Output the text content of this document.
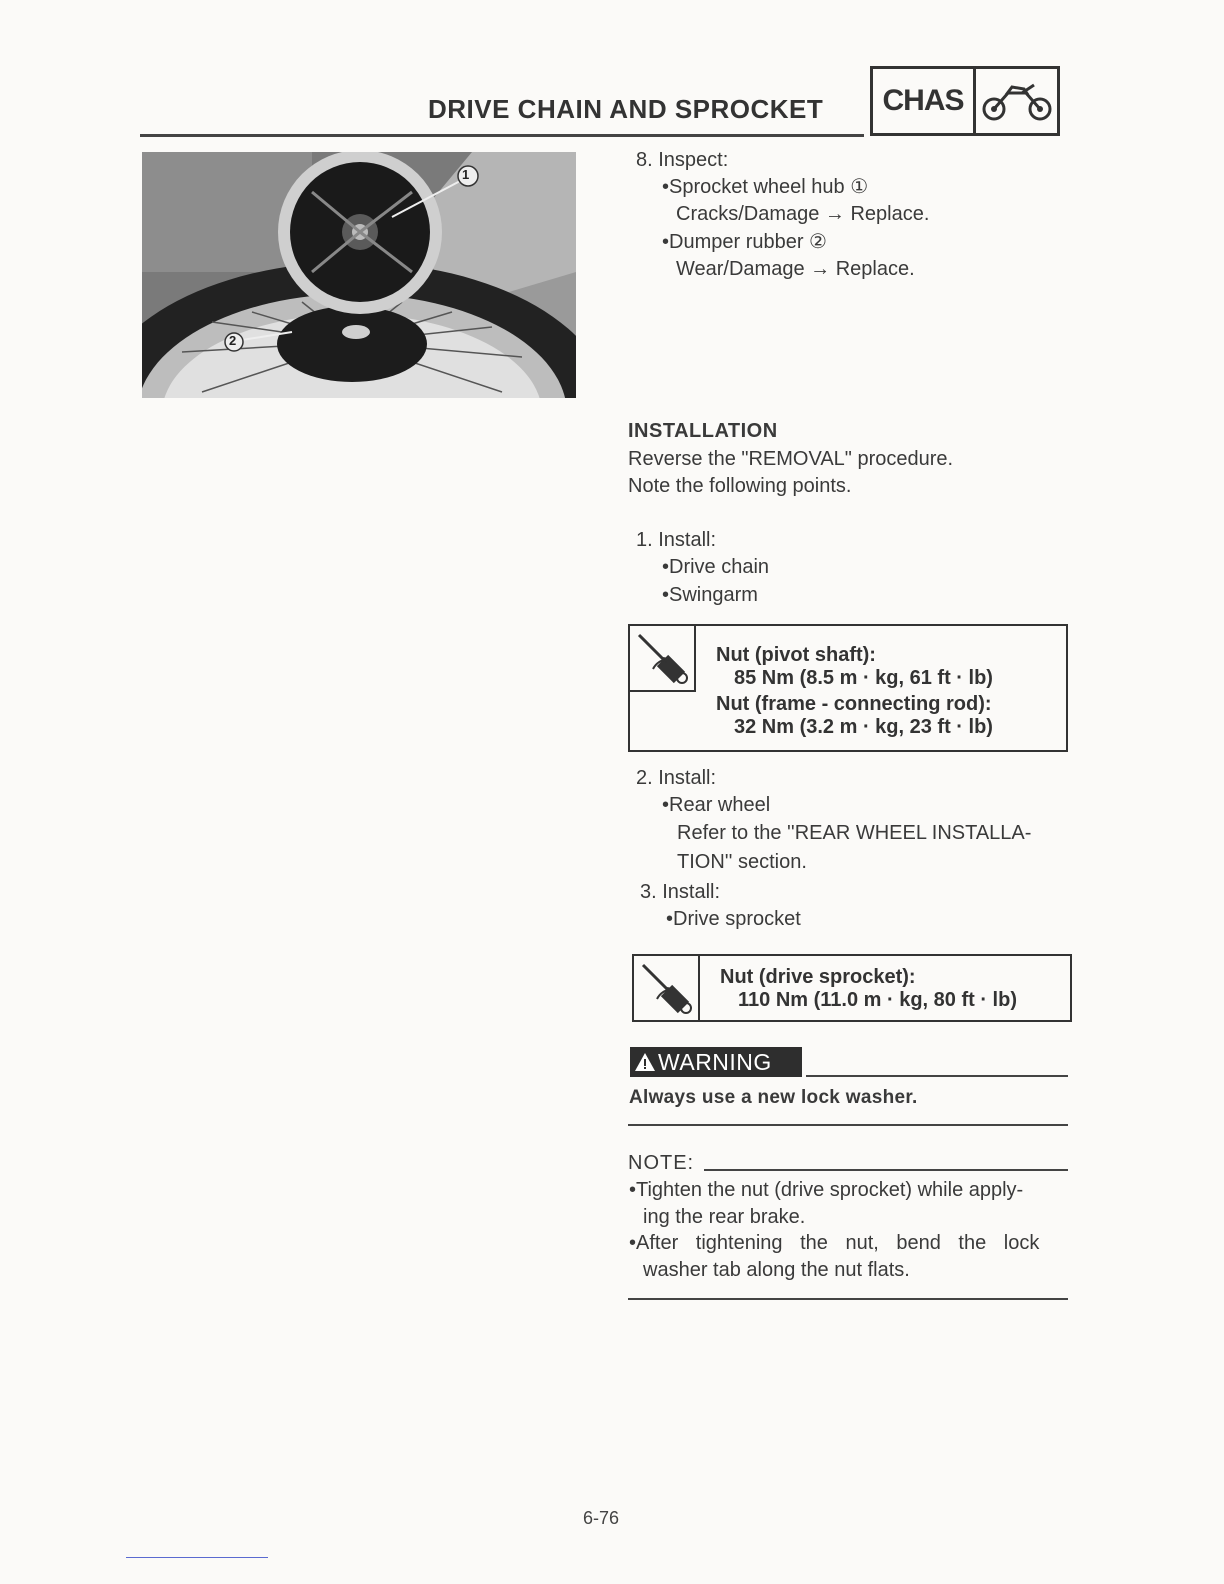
DRIVE CHAIN AND SPROCKET	CHAS
1
2
8. Inspect:
•Sprocket wheel hub ①
Cracks/Damage → Replace.
•Dumper rubber ②
Wear/Damage → Replace.
INSTALLATION
Reverse the "REMOVAL" procedure.
Note the following points.
1. Install:
•Drive chain
•Swingarm
Nut (pivot shaft):
85 Nm (8.5 m · kg, 61 ft · lb)
Nut (frame - connecting rod):
32 Nm (3.2 m · kg, 23 ft · lb)
2. Install:
•Rear wheel
Refer to the ''REAR WHEEL INSTALLA-
TION'' section.
3. Install:
•Drive sprocket
Nut (drive sprocket):
110 Nm (11.0 m · kg, 80 ft · lb)
WARNING
Always use a new lock washer.
NOTE:
•Tighten the nut (drive sprocket) while apply-
ing the rear brake.
•After tightening the nut, bend the lock
washer tab along the nut flats.
6-76
